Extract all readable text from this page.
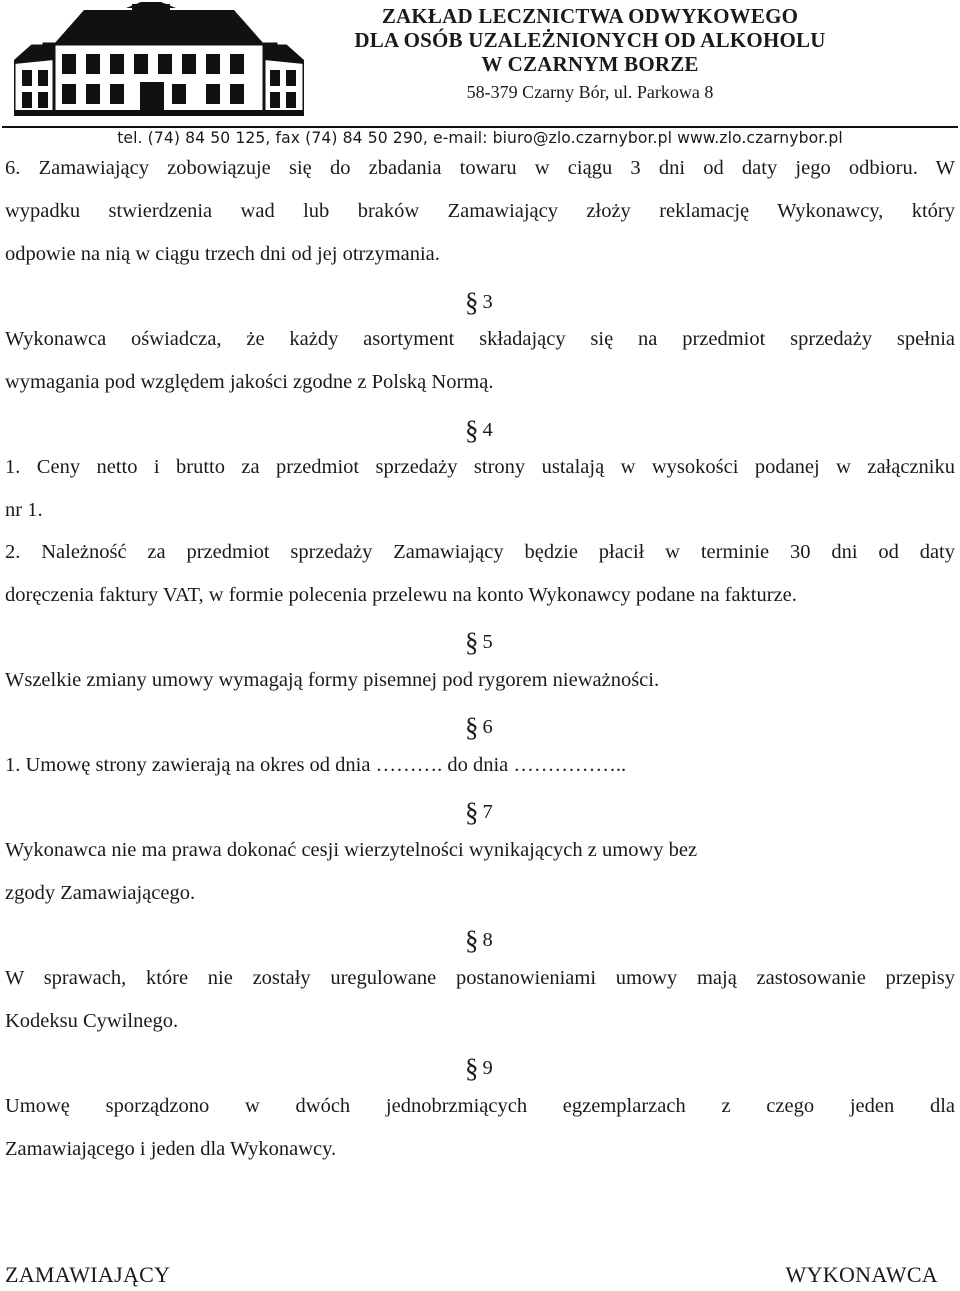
ZAKŁAD LECZNICTWA ODWYKOWEGO
DLA OSÓB UZALEŻNIONYCH OD ALKOHOLU
W CZARNYM BORZE
58-379 Czarny Bór, ul. Parkowa 8
tel. (74) 84 50 125, fax (74) 84 50 290, e-mail: biuro@zlo.czarnybor.pl www.zlo.czarnybor.pl

6. Zamawiający zobowiązuje się do zbadania towaru w ciągu 3 dni od daty jego odbioru. W

wypadku stwierdzenia wad lub braków Zamawiający złoży reklamację Wykonawcy, który

odpowie na nią w ciągu trzech dni od jej otrzymania.

§ 3

Wykonawca oświadcza, że każdy asortyment składający się na przedmiot sprzedaży spełnia

wymagania pod względem jakości zgodne z Polską Normą.

§ 4

1. Ceny netto i brutto za przedmiot sprzedaży strony ustalają w wysokości podanej w załączniku

nr 1.

2. Należność za przedmiot sprzedaży Zamawiający będzie płacił w terminie 30 dni od daty

doręczenia faktury VAT, w formie polecenia przelewu na konto Wykonawcy podane na fakturze.

§ 5

Wszelkie zmiany umowy wymagają formy pisemnej pod rygorem nieważności.

§ 6

1. Umowę strony zawierają na okres od dnia ………. do dnia ……………..

§ 7

Wykonawca nie ma prawa dokonać cesji wierzytelności wynikających z umowy bez

zgody Zamawiającego.

§ 8

W sprawach, które nie zostały uregulowane postanowieniami umowy mają zastosowanie przepisy

Kodeksu Cywilnego.

§ 9

Umowę sporządzono w dwóch jednobrzmiących egzemplarzach z czego jeden dla

Zamawiającego i jeden dla Wykonawcy.

ZAMAWIAJĄCY	WYKONAWCA
